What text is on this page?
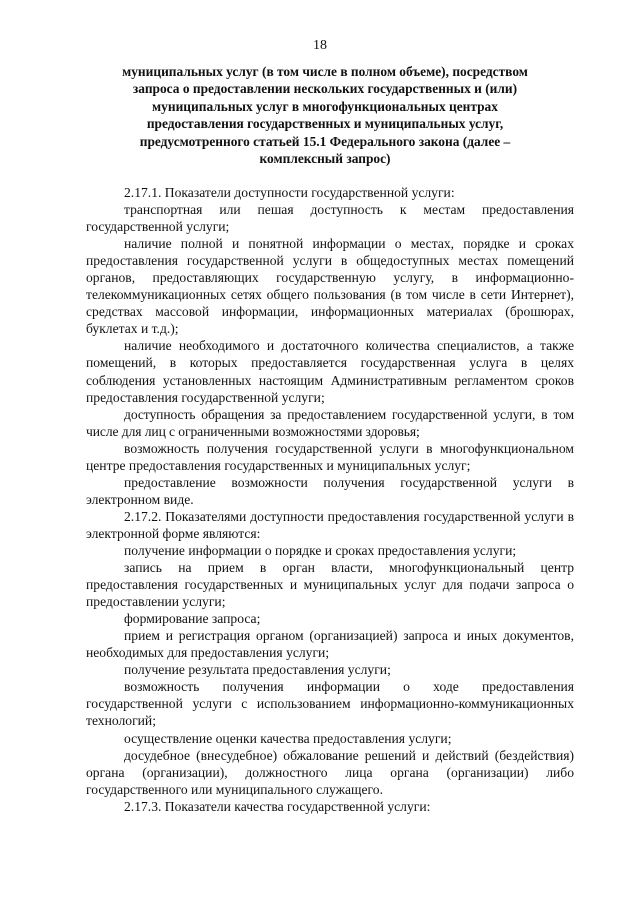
18
муниципальных услуг (в том числе в полном объеме), посредством
запроса о предоставлении нескольких государственных и (или)
муниципальных услуг в многофункциональных центрах
предоставления государственных и муниципальных услуг,
предусмотренного статьей 15.1 Федерального закона (далее –
комплексный запрос)

2.17.1. Показатели доступности государственной услуги:

транспортная или пешая доступность к местам предоставления государственной услуги;

наличие полной и понятной информации о местах, порядке и сроках предоставления государственной услуги в общедоступных местах помещений органов, предоставляющих государственную услугу, в информационно-телекоммуникационных сетях общего пользования (в том числе в сети Интернет), средствах массовой информации, информационных материалах (брошюрах, буклетах и т.д.);

наличие необходимого и достаточного количества специалистов, а также помещений, в которых предоставляется государственная услуга в целях соблюдения установленных настоящим Административным регламентом сроков предоставления государственной услуги;

доступность обращения за предоставлением государственной услуги, в том числе для лиц с ограниченными возможностями здоровья;

возможность получения государственной услуги в многофункциональном центре предоставления государственных и муниципальных услуг;

предоставление возможности получения государственной услуги в электронном виде.

2.17.2. Показателями доступности предоставления государственной услуги в электронной форме являются:

получение информации о порядке и сроках предоставления услуги;

запись на прием в орган власти, многофункциональный центр предоставления государственных и муниципальных услуг для подачи запроса о предоставлении услуги;

формирование запроса;

прием и регистрация органом (организацией) запроса и иных документов, необходимых для предоставления услуги;

получение результата предоставления услуги;

возможность получения информации о ходе предоставления государственной услуги с использованием информационно-коммуникационных технологий;

осуществление оценки качества предоставления услуги;

досудебное (внесудебное) обжалование решений и действий (бездействия) органа (организации), должностного лица органа (организации) либо государственного или муниципального служащего.

2.17.3. Показатели качества государственной услуги:
